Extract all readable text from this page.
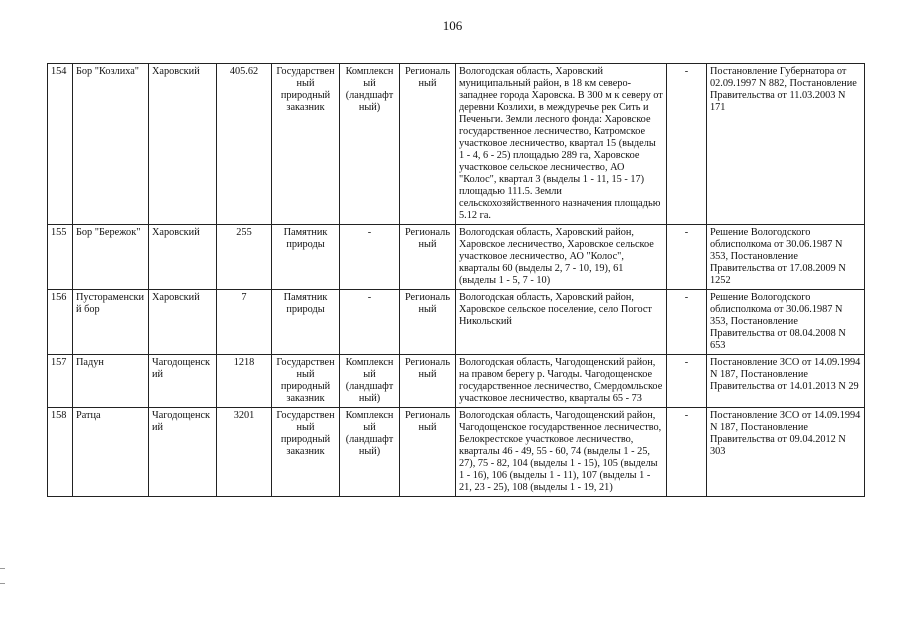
106
154	Бор "Козлиха"	Харовский	405.62	Государственный природный заказник	Комплексный (ландшафтный)	Региональный	Вологодская область, Харовский муниципальный район, в 18 км северо-западнее города Харовска. В 300 м к северу от деревни Козлихи, в междуречье рек Сить и Печеньги. Земли лесного фонда: Харовское государственное лесничество, Катромское участковое лесничество, квартал 15 (выделы 1 - 4, 6 - 25) площадью 289 га, Харовское участковое сельское лесничество, АО "Колос", квартал 3 (выделы 1 - 11, 15 - 17) площадью 111.5. Земли сельскохозяйственного назначения площадью 5.12 га.	-	Постановление Губернатора от 02.09.1997 N 882, Постановление Правительства от 11.03.2003 N 171
155	Бор "Бережок"	Харовский	255	Памятник природы	-	Региональный	Вологодская область, Харовский район, Харовское лесничество, Харовское сельское участковое лесничество, АО "Колос", кварталы 60 (выделы 2, 7 - 10, 19), 61 (выделы 1 - 5, 7 - 10)	-	Решение Вологодского облисполкома от 30.06.1987 N 353, Постановление Правительства от 17.08.2009 N 1252
156	Пустораменский бор	Харовский	7	Памятник природы	-	Региональный	Вологодская область, Харовский район, Харовское сельское поселение, село Погост Никольский	-	Решение Вологодского облисполкома от 30.06.1987 N 353, Постановление Правительства от 08.04.2008 N 653
157	Падун	Чагодощенский	1218	Государственный природный заказник	Комплексный (ландшафтный)	Региональный	Вологодская область, Чагодощенский район, на правом берегу р. Чагоды. Чагодощенское государственное лесничество, Смердомльское участковое лесничество, кварталы 65 - 73	-	Постановление ЗСО от 14.09.1994 N 187, Постановление Правительства от 14.01.2013 N 29
158	Ратца	Чагодощенский	3201	Государственный природный заказник	Комплексный (ландшафтный)	Региональный	Вологодская область, Чагодощенский район, Чагодощенское государственное лесничество, Белокрестское участковое лесничество, кварталы 46 - 49, 55 - 60, 74 (выделы 1 - 25, 27), 75 - 82, 104 (выделы 1 - 15), 105 (выделы 1 - 16), 106 (выделы 1 - 11), 107 (выделы 1 - 21, 23 - 25), 108 (выделы 1 - 19, 21)	-	Постановление ЗСО от 14.09.1994 N 187, Постановление Правительства от 09.04.2012 N 303
